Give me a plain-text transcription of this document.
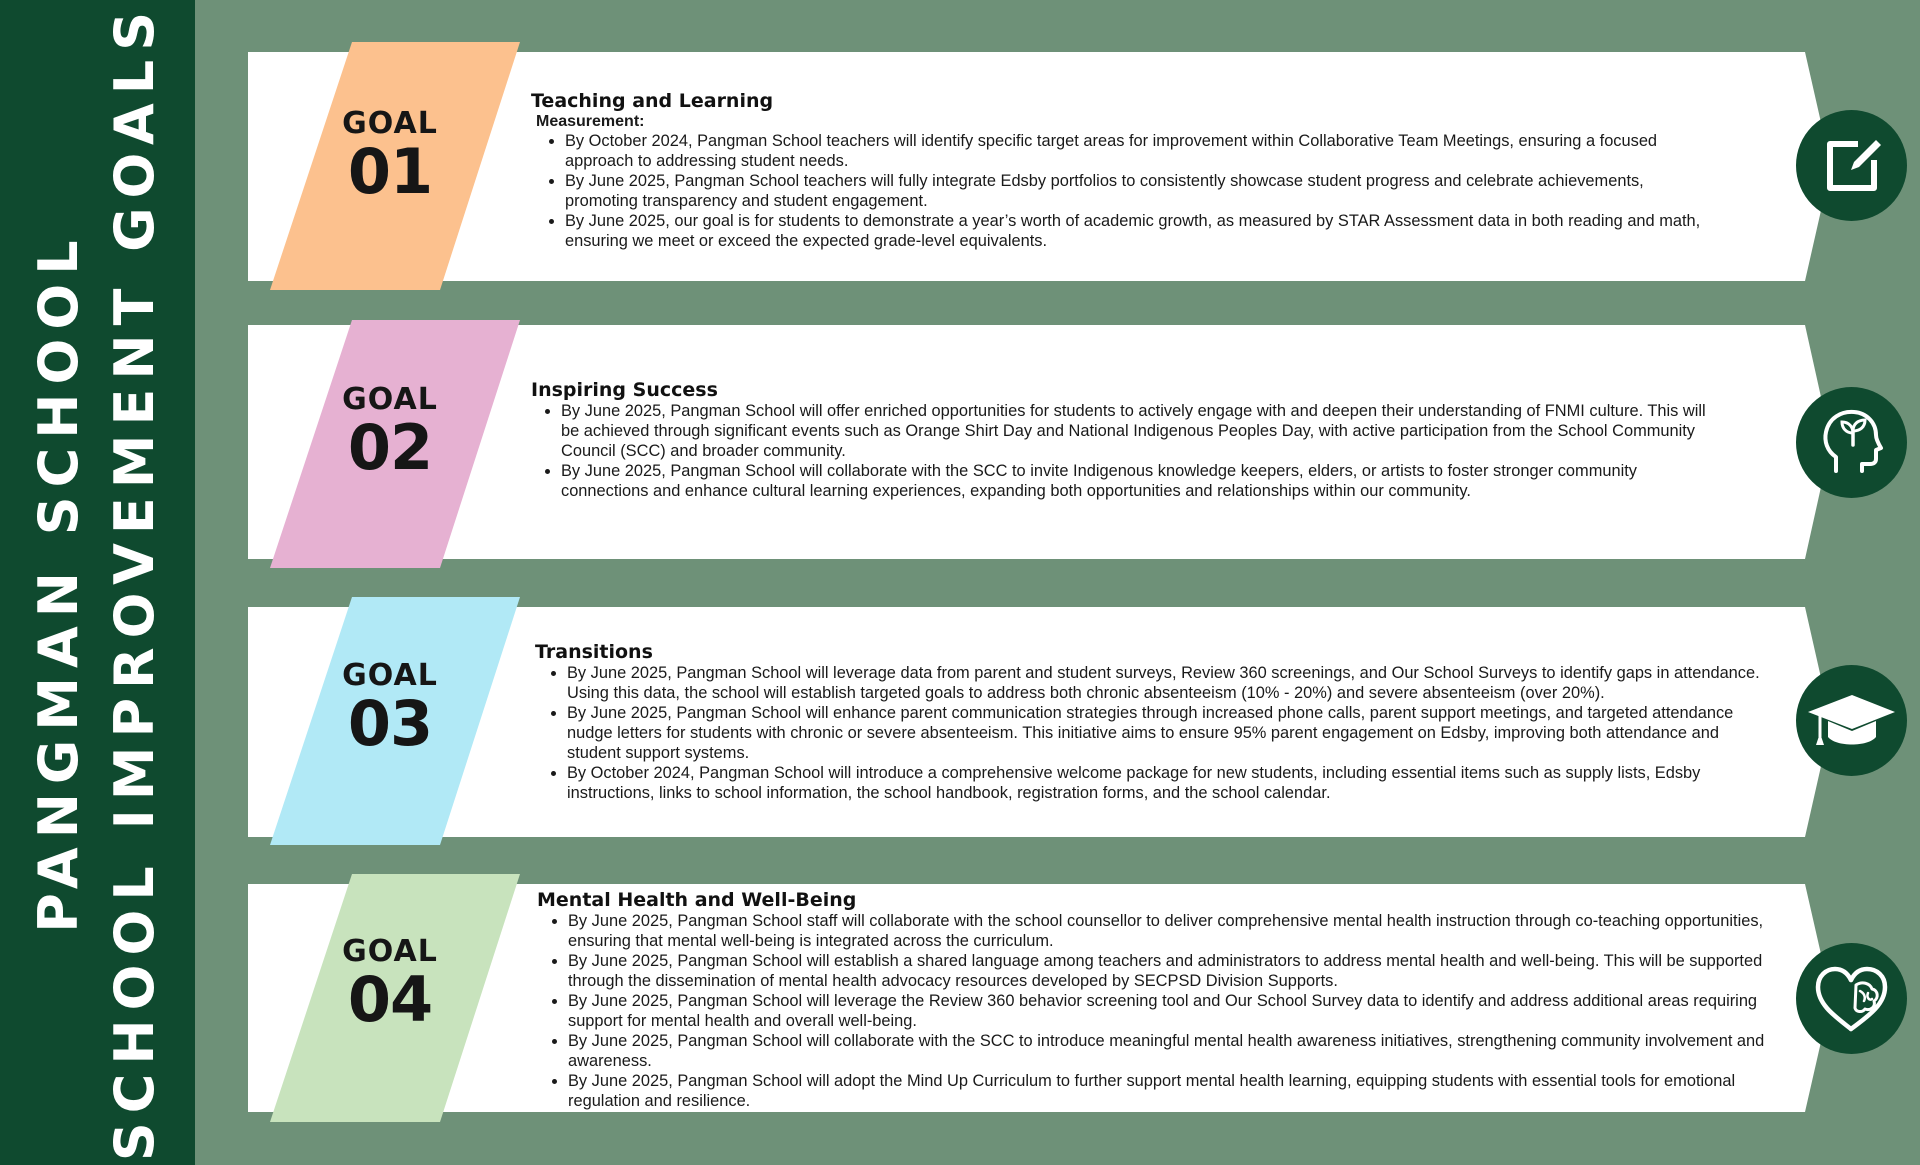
PANGMAN SCHOOL SCHOOL IMPROVEMENT GOALS	GOAL
01
Teaching and Learning
Measurement:
• By October 2024, Pangman School teachers will identify specific target areas for improvement within Collaborative Team Meetings, ensuring a focused approach to addressing student needs.
• By June 2025, Pangman School teachers will fully integrate Edsby portfolios to consistently showcase student progress and celebrate achievements, promoting transparency and student engagement.
• By June 2025, our goal is for students to demonstrate a year’s worth of academic growth, as measured by STAR Assessment data in both reading and math, ensuring we meet or exceed the expected grade-level equivalents.
GOAL
02
Inspiring Success
• By June 2025, Pangman School will offer enriched opportunities for students to actively engage with and deepen their understanding of FNMI culture. This will be achieved through significant events such as Orange Shirt Day and National Indigenous Peoples Day, with active participation from the School Community Council (SCC) and broader community.
• By June 2025, Pangman School will collaborate with the SCC to invite Indigenous knowledge keepers, elders, or artists to foster stronger community connections and enhance cultural learning experiences, expanding both opportunities and relationships within our community.
GOAL
03
Transitions
• By June 2025, Pangman School will leverage data from parent and student surveys, Review 360 screenings, and Our School Surveys to identify gaps in attendance. Using this data, the school will establish targeted goals to address both chronic absenteeism (10% - 20%) and severe absenteeism (over 20%).
• By June 2025, Pangman School will enhance parent communication strategies through increased phone calls, parent support meetings, and targeted attendance nudge letters for students with chronic or severe absenteeism. This initiative aims to ensure 95% parent engagement on Edsby, improving both attendance and student support systems.
• By October 2024, Pangman School will introduce a comprehensive welcome package for new students, including essential items such as supply lists, Edsby instructions, links to school information, the school handbook, registration forms, and the school calendar.
GOAL
04
Mental Health and Well-Being
• By June 2025, Pangman School staff will collaborate with the school counsellor to deliver comprehensive mental health instruction through co-teaching opportunities, ensuring that mental well-being is integrated across the curriculum.
• By June 2025, Pangman School will establish a shared language among teachers and administrators to address mental health and well-being. This will be supported through the dissemination of mental health advocacy resources developed by SECPSD Division Supports.
• By June 2025, Pangman School will leverage the Review 360 behavior screening tool and Our School Survey data to identify and address additional areas requiring support for mental health and overall well-being.
• By June 2025, Pangman School will collaborate with the SCC to introduce meaningful mental health awareness initiatives, strengthening community involvement and awareness.
• By June 2025, Pangman School will adopt the Mind Up Curriculum to further support mental health learning, equipping students with essential tools for emotional regulation and resilience.
